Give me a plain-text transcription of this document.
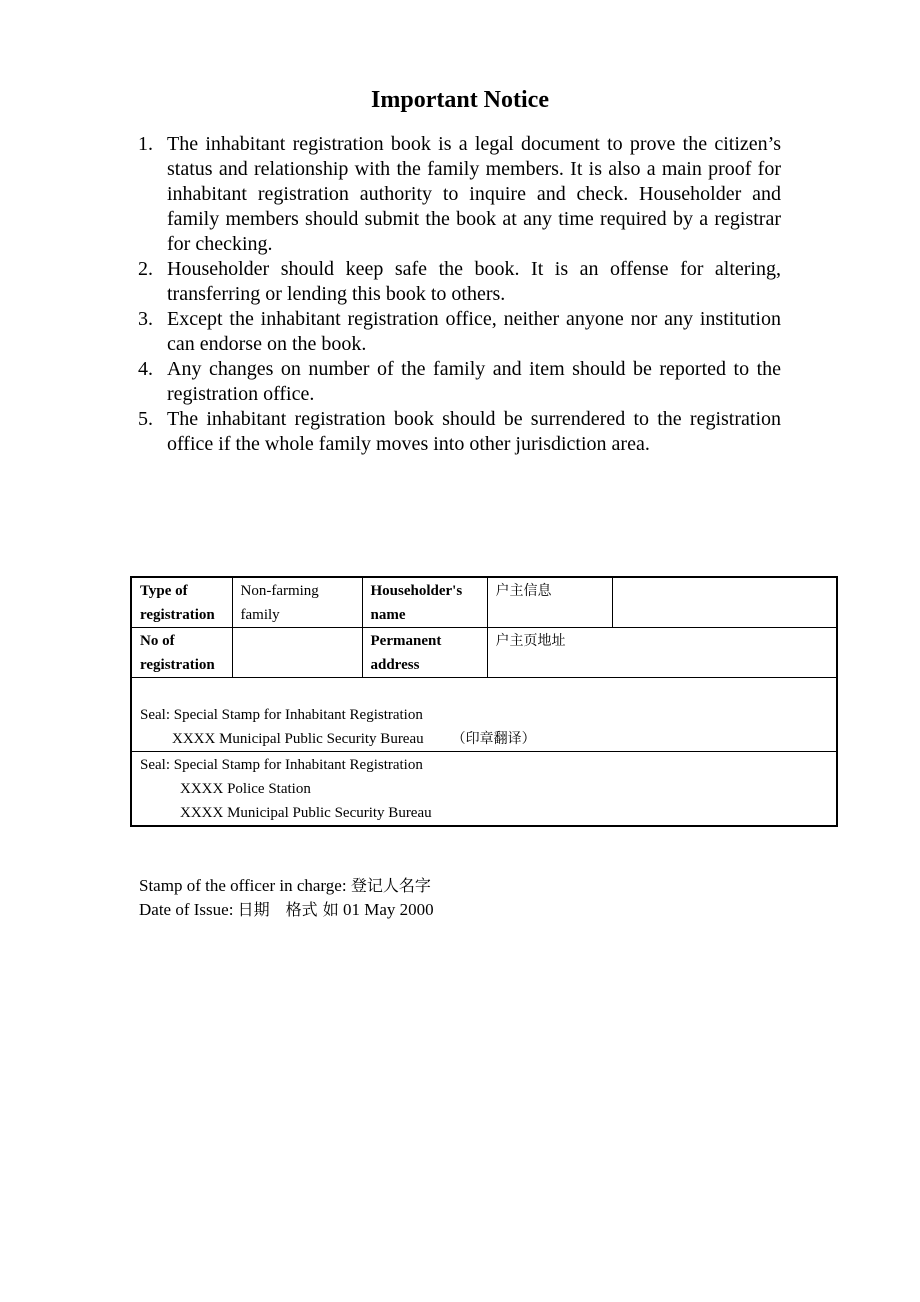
Important Notice
1. The inhabitant registration book is a legal document to prove the citizen’s status and relationship with the family members. It is also a main proof for inhabitant registration authority to inquire and check. Householder and family members should submit the book at any time required by a registrar for checking.
2. Householder should keep safe the book. It is an offense for altering, transferring or lending this book to others.
3. Except the inhabitant registration office, neither anyone nor any institution can endorse on the book.
4. Any changes on number of the family and item should be reported to the registration office.
5. The inhabitant registration book should be surrendered to the registration office if the whole family moves into other jurisdiction area.
Type of registration	Non-farming family	Householder's name	户主信息	
No of registration		Permanent address	户主页地址	

Seal: Special Stamp for Inhabitant Registration
XXXX Municipal Public Security Bureau （印章翻译）				

Seal: Special Stamp for Inhabitant Registration
XXXX Police Station
XXXX Municipal Public Security Bureau				
Stamp of the officer in charge: 登记人名字
Date of Issue: 日期　格式 如 01 May 2000
